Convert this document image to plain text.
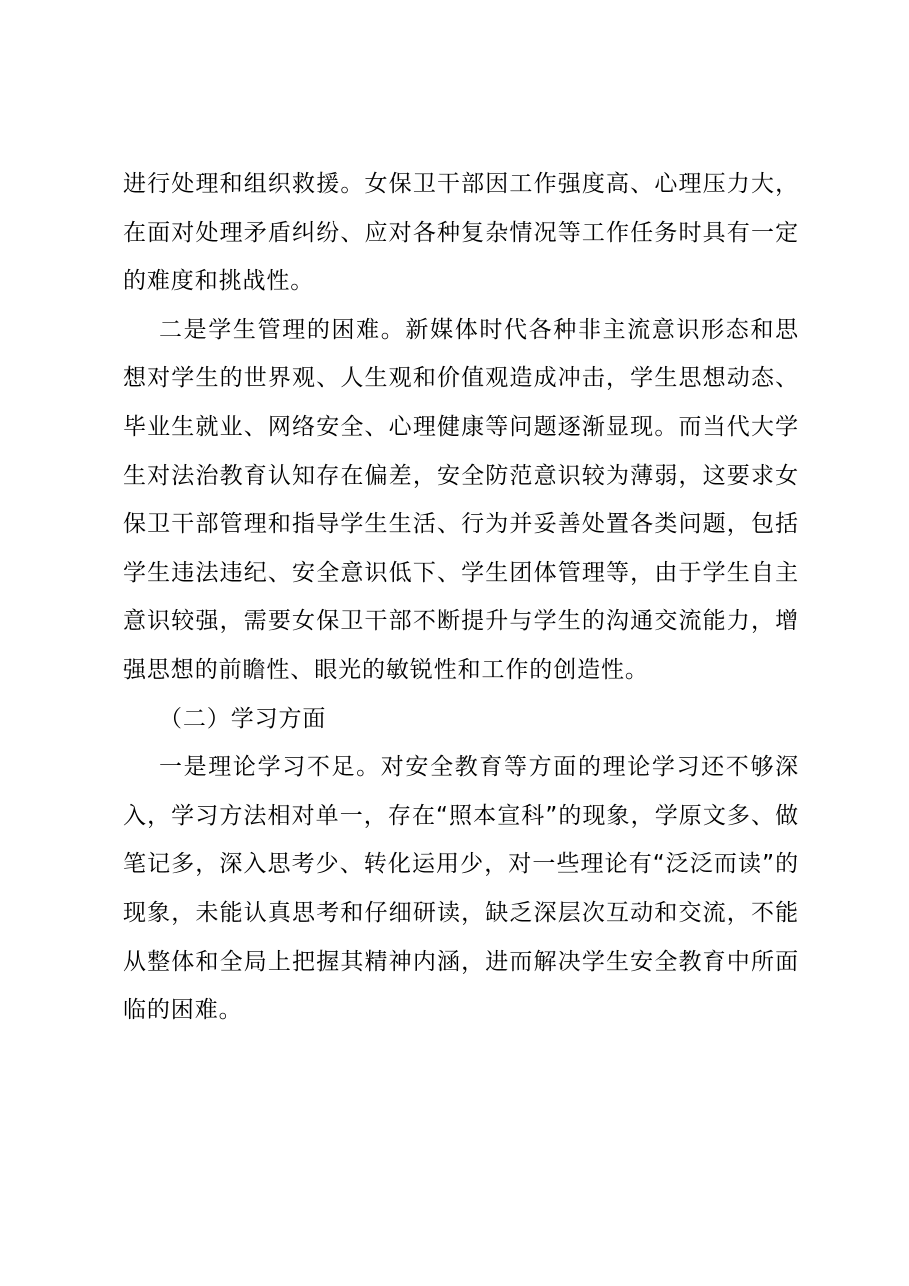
进行处理和组织救援。女保卫干部因工作强度高、心理压力大，在面对处理矛盾纠纷、应对各种复杂情况等工作任务时具有一定的难度和挑战性。

二是学生管理的困难。新媒体时代各种非主流意识形态和思想对学生的世界观、人生观和价值观造成冲击，学生思想动态、毕业生就业、网络安全、心理健康等问题逐渐显现。而当代大学生对法治教育认知存在偏差，安全防范意识较为薄弱，这要求女保卫干部管理和指导学生生活、行为并妥善处置各类问题，包括学生违法违纪、安全意识低下、学生团体管理等，由于学生自主意识较强，需要女保卫干部不断提升与学生的沟通交流能力，增强思想的前瞻性、眼光的敏锐性和工作的创造性。

（二）学习方面

一是理论学习不足。对安全教育等方面的理论学习还不够深入，学习方法相对单一，存在“照本宣科”的现象，学原文多、做笔记多，深入思考少、转化运用少，对一些理论有“泛泛而读”的现象，未能认真思考和仔细研读，缺乏深层次互动和交流，不能从整体和全局上把握其精神内涵，进而解决学生安全教育中所面临的困难。
